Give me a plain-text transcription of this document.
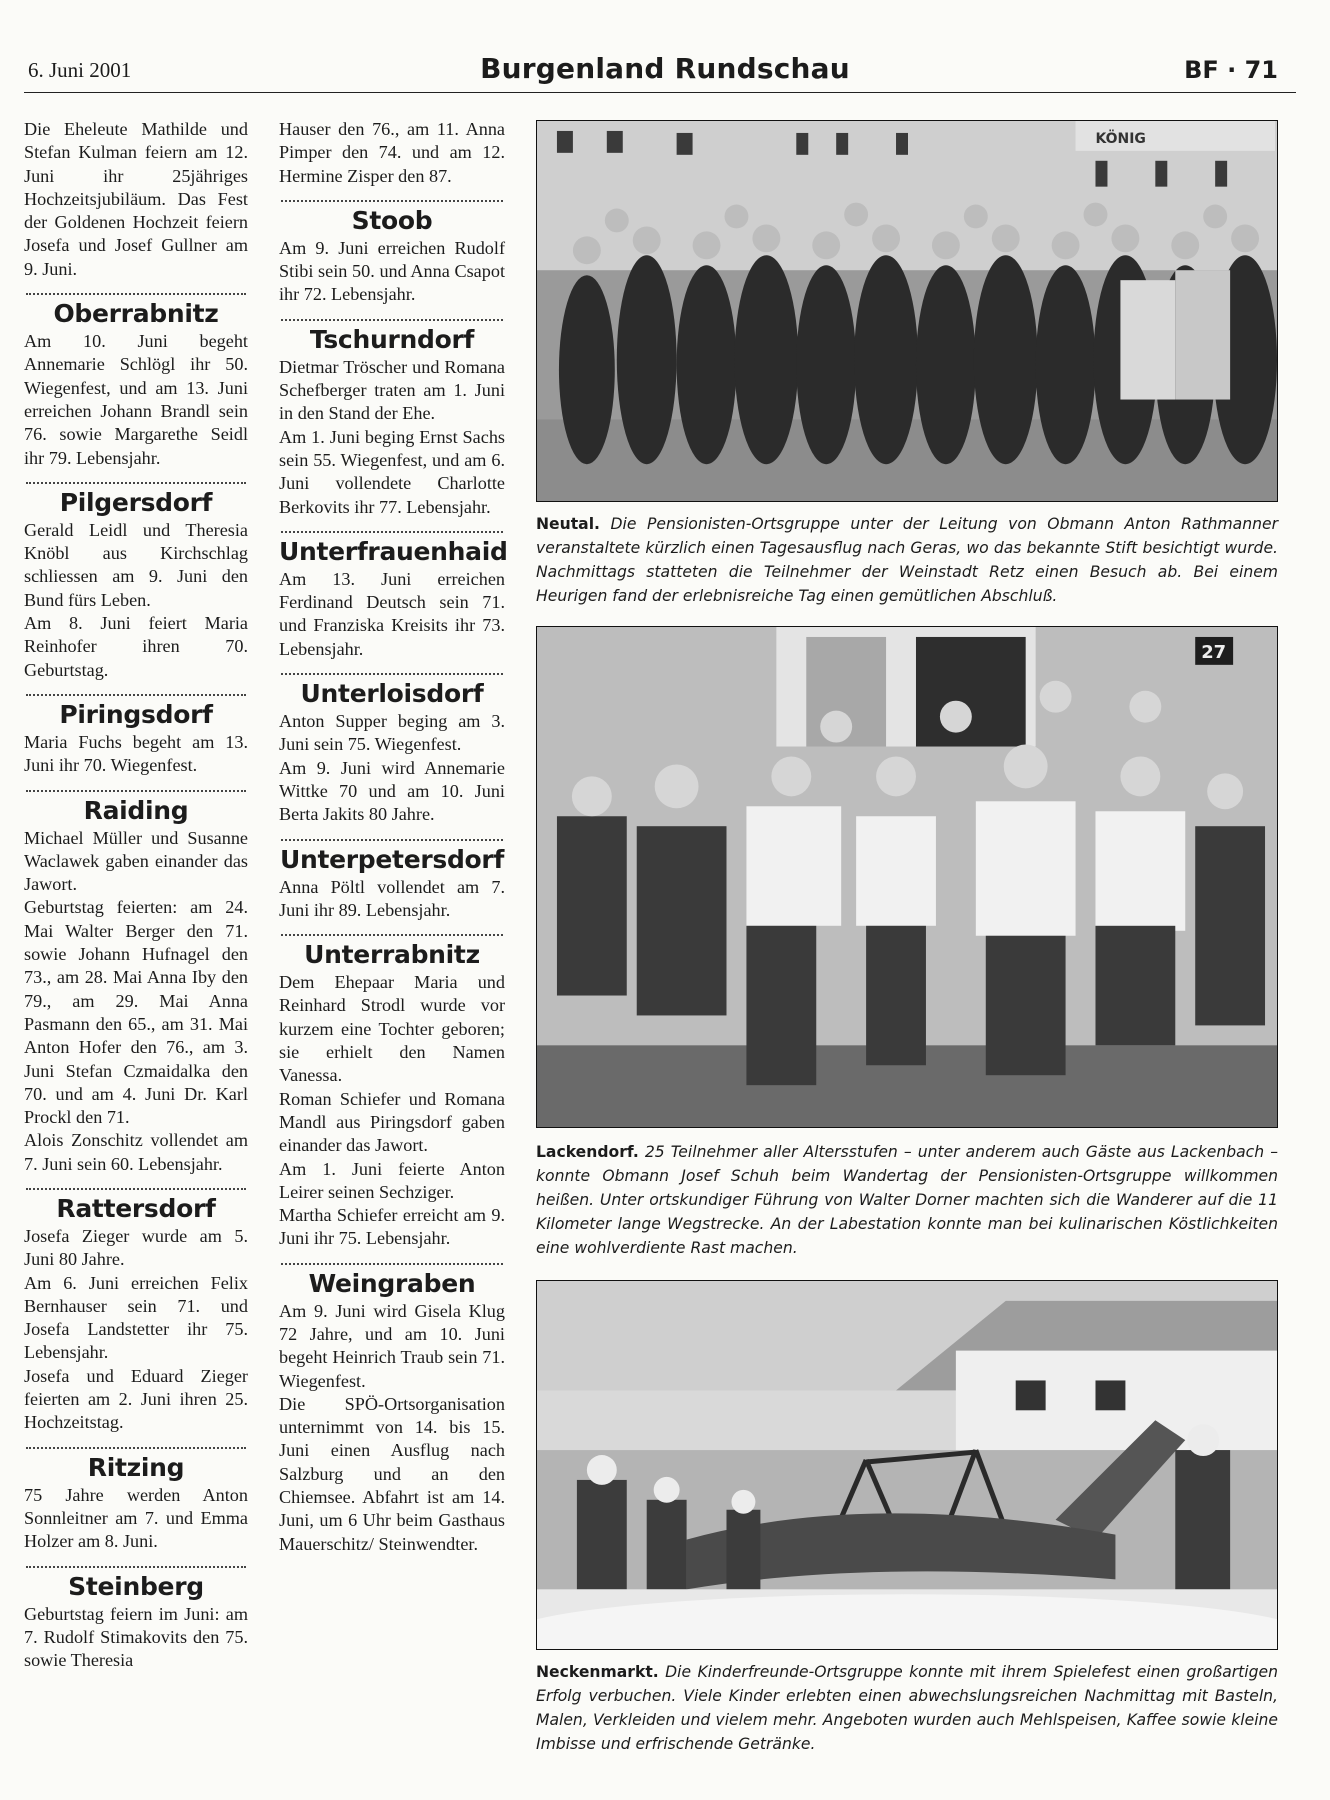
6. Juni 2001	Burgenland Rundschau	BF · 71

Die Eheleute Mathilde und Stefan Kulman feiern am 12. Juni ihr 25jähriges Hochzeitsjubiläum. Das Fest der Goldenen Hochzeit feiern Josefa und Josef Gullner am 9. Juni.

Oberrabnitz

Am 10. Juni begeht Annemarie Schlögl ihr 50. Wiegenfest, und am 13. Juni erreichen Johann Brandl sein 76. sowie Margarethe Seidl ihr 79. Lebensjahr.

Pilgersdorf

Gerald Leidl und Theresia Knöbl aus Kirchschlag schliessen am 9. Juni den Bund fürs Leben.

Am 8. Juni feiert Maria Reinhofer ihren 70. Geburtstag.

Piringsdorf

Maria Fuchs begeht am 13. Juni ihr 70. Wiegenfest.

Raiding

Michael Müller und Susanne Waclawek gaben einander das Jawort.

Geburtstag feierten: am 24. Mai Walter Berger den 71. sowie Johann Hufnagel den 73., am 28. Mai Anna Iby den 79., am 29. Mai Anna Pasmann den 65., am 31. Mai Anton Hofer den 76., am 3. Juni Stefan Czmaidalka den 70. und am 4. Juni Dr. Karl Prockl den 71.

Alois Zonschitz vollendet am 7. Juni sein 60. Lebensjahr.

Rattersdorf

Josefa Zieger wurde am 5. Juni 80 Jahre.

Am 6. Juni erreichen Felix Bernhauser sein 71. und Josefa Landstetter ihr 75. Lebensjahr.

Josefa und Eduard Zieger feierten am 2. Juni ihren 25. Hochzeitstag.

Ritzing

75 Jahre werden Anton Sonnleitner am 7. und Emma Holzer am 8. Juni.

Steinberg

Geburtstag feiern im Juni: am 7. Rudolf Stimakovits den 75. sowie Theresia

Hauser den 76., am 11. Anna Pimper den 74. und am 12. Hermine Zisper den 87.

Stoob

Am 9. Juni erreichen Rudolf Stibi sein 50. und Anna Csapot ihr 72. Lebensjahr.

Tschurndorf

Dietmar Tröscher und Romana Schefberger traten am 1. Juni in den Stand der Ehe.

Am 1. Juni beging Ernst Sachs sein 55. Wiegenfest, und am 6. Juni vollendete Charlotte Berkovits ihr 77. Lebensjahr.

Unterfrauenhaid

Am 13. Juni erreichen Ferdinand Deutsch sein 71. und Franziska Kreisits ihr 73. Lebensjahr.

Unterloisdorf

Anton Supper beging am 3. Juni sein 75. Wiegenfest.

Am 9. Juni wird Annemarie Wittke 70 und am 10. Juni Berta Jakits 80 Jahre.

Unterpetersdorf

Anna Pöltl vollendet am 7. Juni ihr 89. Lebensjahr.

Unterrabnitz

Dem Ehepaar Maria und Reinhard Strodl wurde vor kurzem eine Tochter geboren; sie erhielt den Namen Vanessa.

Roman Schiefer und Romana Mandl aus Piringsdorf gaben einander das Jawort.

Am 1. Juni feierte Anton Leirer seinen Sechziger.

Martha Schiefer erreicht am 9. Juni ihr 75. Lebensjahr.

Weingraben

Am 9. Juni wird Gisela Klug 72 Jahre, und am 10. Juni begeht Heinrich Traub sein 71. Wiegenfest.

Die SPÖ-Ortsorganisation unternimmt von 14. bis 15. Juni einen Ausflug nach Salzburg und an den Chiemsee. Abfahrt ist am 14. Juni, um 6 Uhr beim Gasthaus Mauerschitz/ Steinwendter.

KÖNIG
Neutal. Die Pensionisten-Ortsgruppe unter der Leitung von Obmann Anton Rathmanner veranstaltete kürzlich einen Tagesausflug nach Geras, wo das bekannte Stift besichtigt wurde. Nachmittags statteten die Teilnehmer der Weinstadt Retz einen Besuch ab. Bei einem Heurigen fand der erlebnisreiche Tag einen gemütlichen Abschluß.
27
Lackendorf. 25 Teilnehmer aller Altersstufen – unter anderem auch Gäste aus Lackenbach – konnte Obmann Josef Schuh beim Wandertag der Pensionisten-Ortsgruppe willkommen heißen. Unter ortskundiger Führung von Walter Dorner machten sich die Wanderer auf die 11 Kilometer lange Wegstrecke. An der Labestation konnte man bei kulinarischen Köstlichkeiten eine wohlverdiente Rast machen.
Neckenmarkt. Die Kinderfreunde-Ortsgruppe konnte mit ihrem Spielefest einen großartigen Erfolg verbuchen. Viele Kinder erlebten einen abwechslungsreichen Nachmittag mit Basteln, Malen, Verkleiden und vielem mehr. Angeboten wurden auch Mehlspeisen, Kaffee sowie kleine Imbisse und erfrischende Getränke.
